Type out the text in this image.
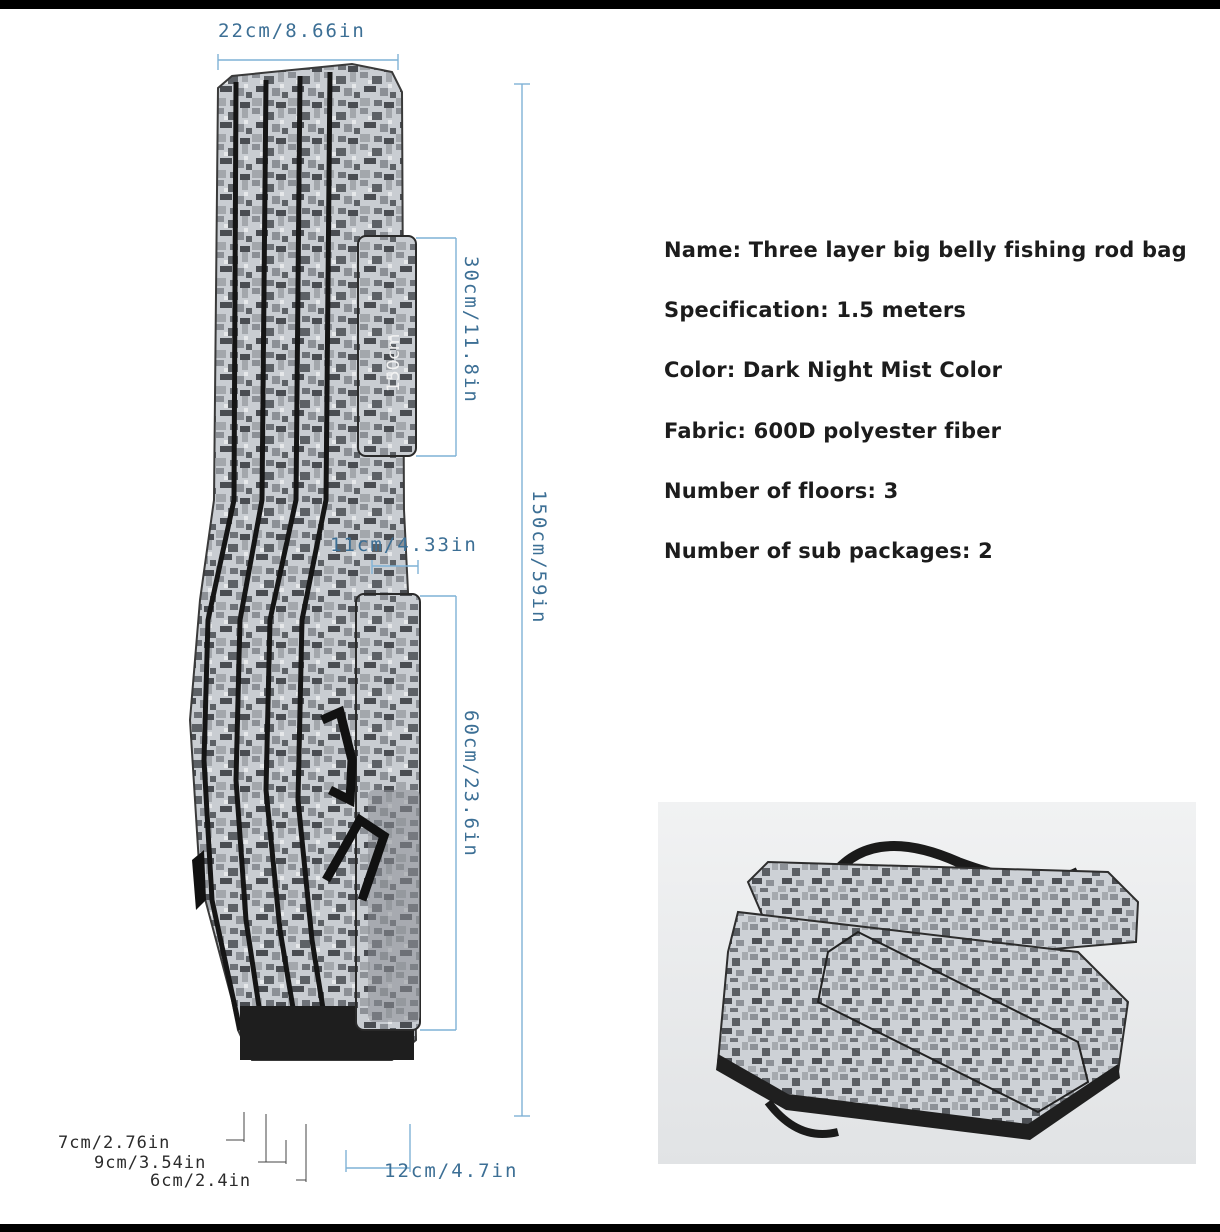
150cm
22cm/8.66in
30cm/11.8in
150cm/59in
11cm/4.33in
60cm/23.6in
7cm/2.76in
9cm/3.54in
6cm/2.4in	12cm/4.7in
Name: Three layer big belly fishing rod bag
Specification: 1.5 meters
Color: Dark Night Mist Color
Fabric: 600D polyester fiber
Number of floors: 3
Number of sub packages: 2
